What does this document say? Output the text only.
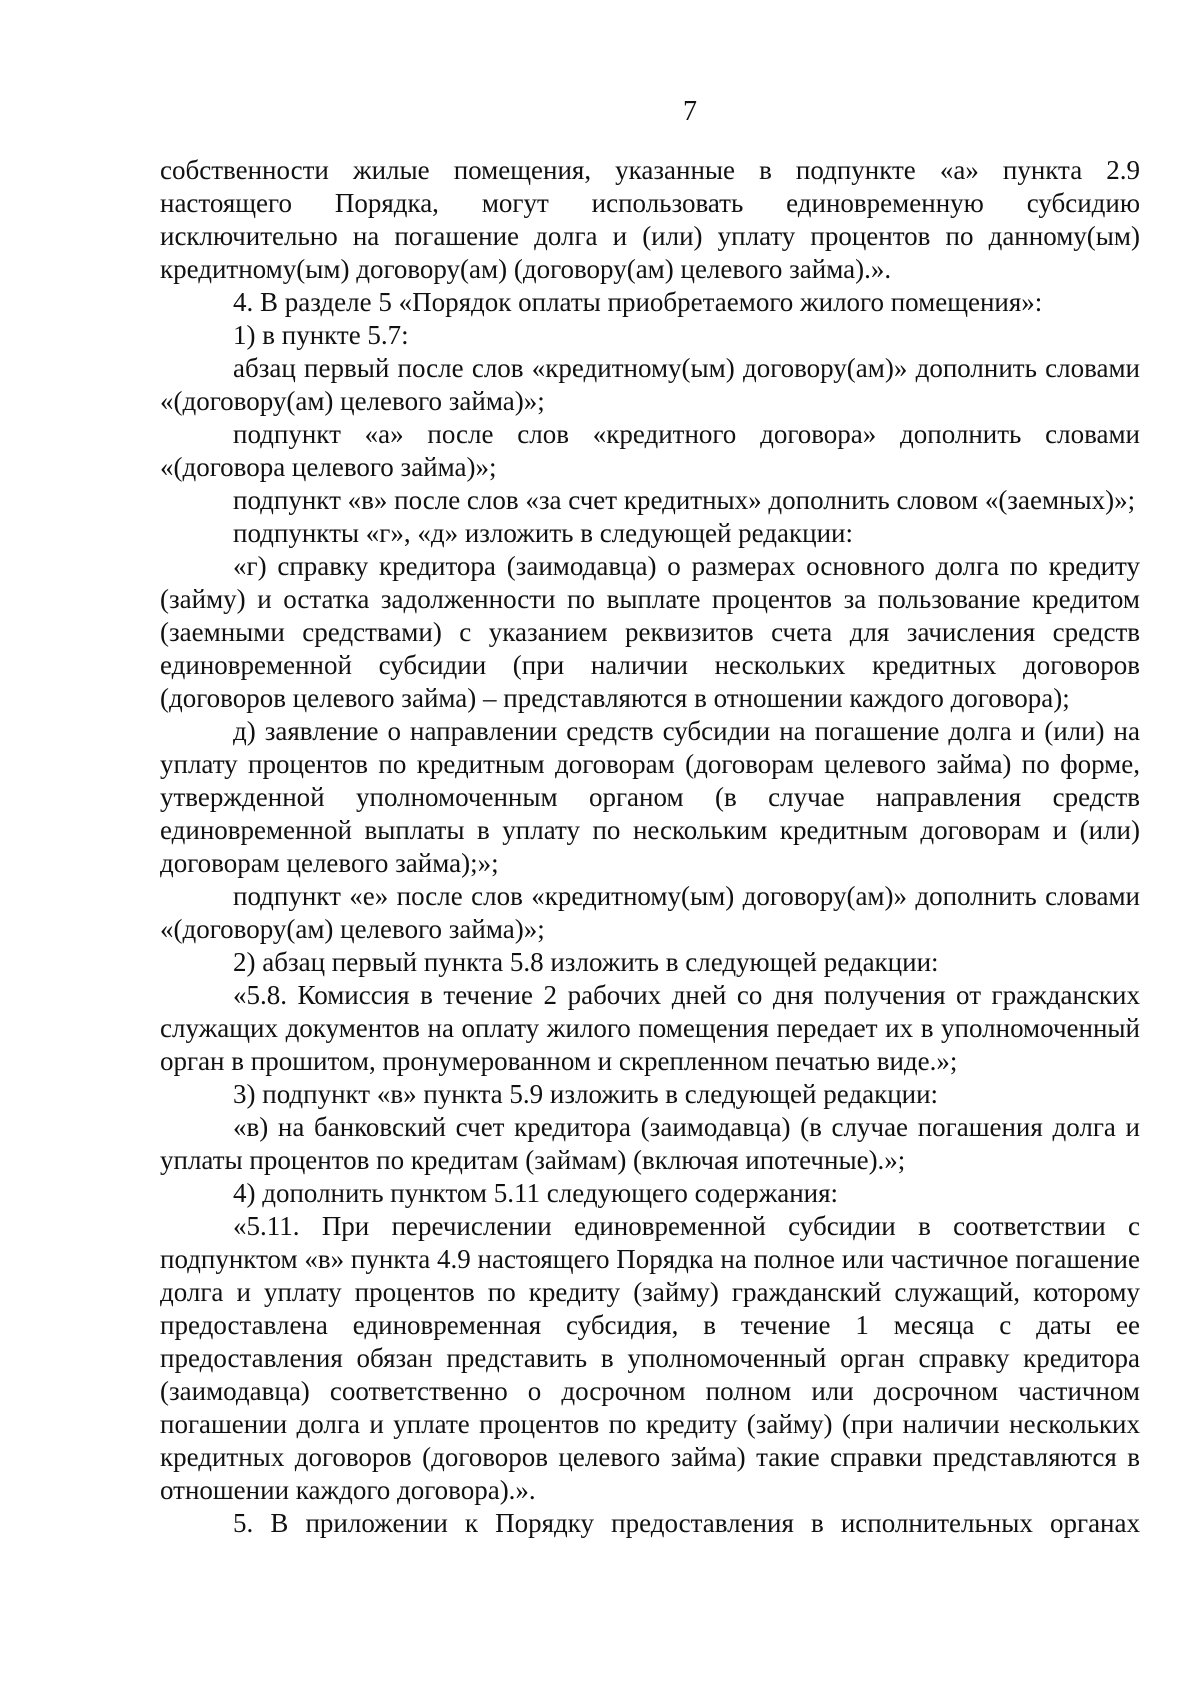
7

собственности жилые помещения, указанные в подпункте «а» пункта 2.9 настоящего Порядка, могут использовать единовременную субсидию исключительно на погашение долга и (или) уплату процентов по данному(ым) кредитному(ым) договору(ам) (договору(ам) целевого займа).».

4. В разделе 5 «Порядок оплаты приобретаемого жилого помещения»:

1) в пункте 5.7:

абзац первый после слов «кредитному(ым) договору(ам)» дополнить словами «(договору(ам) целевого займа)»;

подпункт «а» после слов «кредитного договора» дополнить словами «(договора целевого займа)»;

подпункт «в» после слов «за счет кредитных» дополнить словом «(заемных)»;

подпункты «г», «д» изложить в следующей редакции:

«г) справку кредитора (заимодавца) о размерах основного долга по кредиту (займу) и остатка задолженности по выплате процентов за пользование кредитом (заемными средствами) с указанием реквизитов счета для зачисления средств единовременной субсидии (при наличии нескольких кредитных договоров (договоров целевого займа) – представляются в отношении каждого договора);

д) заявление о направлении средств субсидии на погашение долга и (или) на уплату процентов по кредитным договорам (договорам целевого займа) по форме, утвержденной уполномоченным органом (в случае направления средств единовременной выплаты в уплату по нескольким кредитным договорам и (или) договорам целевого займа);»;

подпункт «е» после слов «кредитному(ым) договору(ам)» дополнить словами «(договору(ам) целевого займа)»;

2) абзац первый пункта 5.8 изложить в следующей редакции:

«5.8. Комиссия в течение 2 рабочих дней со дня получения от гражданских служащих документов на оплату жилого помещения передает их в уполномоченный орган в прошитом, пронумерованном и скрепленном печатью виде.»;

3) подпункт «в» пункта 5.9 изложить в следующей редакции:

«в) на банковский счет кредитора (заимодавца) (в случае погашения долга и уплаты процентов по кредитам (займам) (включая ипотечные).»;

4) дополнить пунктом 5.11 следующего содержания:

«5.11. При перечислении единовременной субсидии в соответствии с подпунктом «в» пункта 4.9 настоящего Порядка на полное или частичное погашение долга и уплату процентов по кредиту (займу) гражданский служащий, которому предоставлена единовременная субсидия, в течение 1 месяца с даты ее предоставления обязан представить в уполномоченный орган справку кредитора (заимодавца) соответственно о досрочном полном или досрочном частичном погашении долга и уплате процентов по кредиту (займу) (при наличии нескольких кредитных договоров (договоров целевого займа) такие справки представляются в отношении каждого договора).».

5. В приложении к Порядку предоставления в исполнительных органах
